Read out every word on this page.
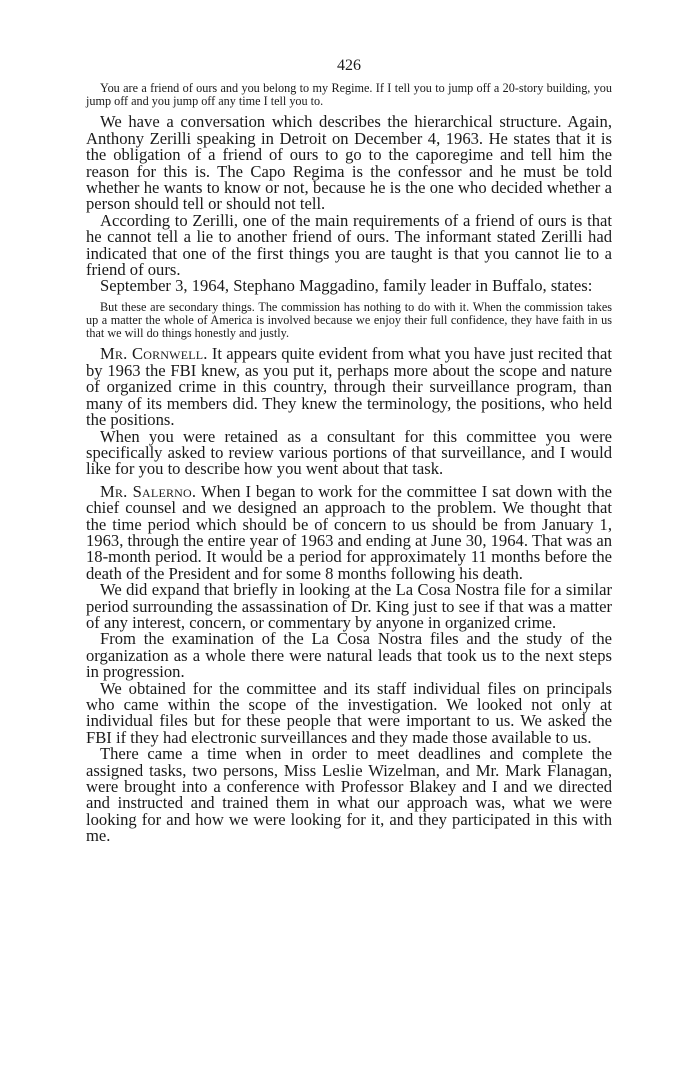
426

You are a friend of ours and you belong to my Regime. If I tell you to jump off a 20-story building, you jump off and you jump off any time I tell you to.

We have a conversation which describes the hierarchical structure. Again, Anthony Zerilli speaking in Detroit on December 4, 1963. He states that it is the obligation of a friend of ours to go to the caporegime and tell him the reason for this is. The Capo Regima is the confessor and he must be told whether he wants to know or not, because he is the one who decided whether a person should tell or should not tell.

According to Zerilli, one of the main requirements of a friend of ours is that he cannot tell a lie to another friend of ours. The informant stated Zerilli had indicated that one of the first things you are taught is that you cannot lie to a friend of ours.

September 3, 1964, Stephano Maggadino, family leader in Buffalo, states:

But these are secondary things. The commission has nothing to do with it. When the commission takes up a matter the whole of America is involved because we enjoy their full confidence, they have faith in us that we will do things honestly and justly.

Mr. Cornwell. It appears quite evident from what you have just recited that by 1963 the FBI knew, as you put it, perhaps more about the scope and nature of organized crime in this country, through their surveillance program, than many of its members did. They knew the terminology, the positions, who held the positions.

When you were retained as a consultant for this committee you were specifically asked to review various portions of that surveillance, and I would like for you to describe how you went about that task.

Mr. Salerno. When I began to work for the committee I sat down with the chief counsel and we designed an approach to the problem. We thought that the time period which should be of concern to us should be from January 1, 1963, through the entire year of 1963 and ending at June 30, 1964. That was an 18-month period. It would be a period for approximately 11 months before the death of the President and for some 8 months following his death.

We did expand that briefly in looking at the La Cosa Nostra file for a similar period surrounding the assassination of Dr. King just to see if that was a matter of any interest, concern, or commentary by anyone in organized crime.

From the examination of the La Cosa Nostra files and the study of the organization as a whole there were natural leads that took us to the next steps in progression.

We obtained for the committee and its staff individual files on principals who came within the scope of the investigation. We looked not only at individual files but for these people that were important to us. We asked the FBI if they had electronic surveillances and they made those available to us.

There came a time when in order to meet deadlines and complete the assigned tasks, two persons, Miss Leslie Wizelman, and Mr. Mark Flanagan, were brought into a conference with Professor Blakey and I and we directed and instructed and trained them in what our approach was, what we were looking for and how we were looking for it, and they participated in this with me.
